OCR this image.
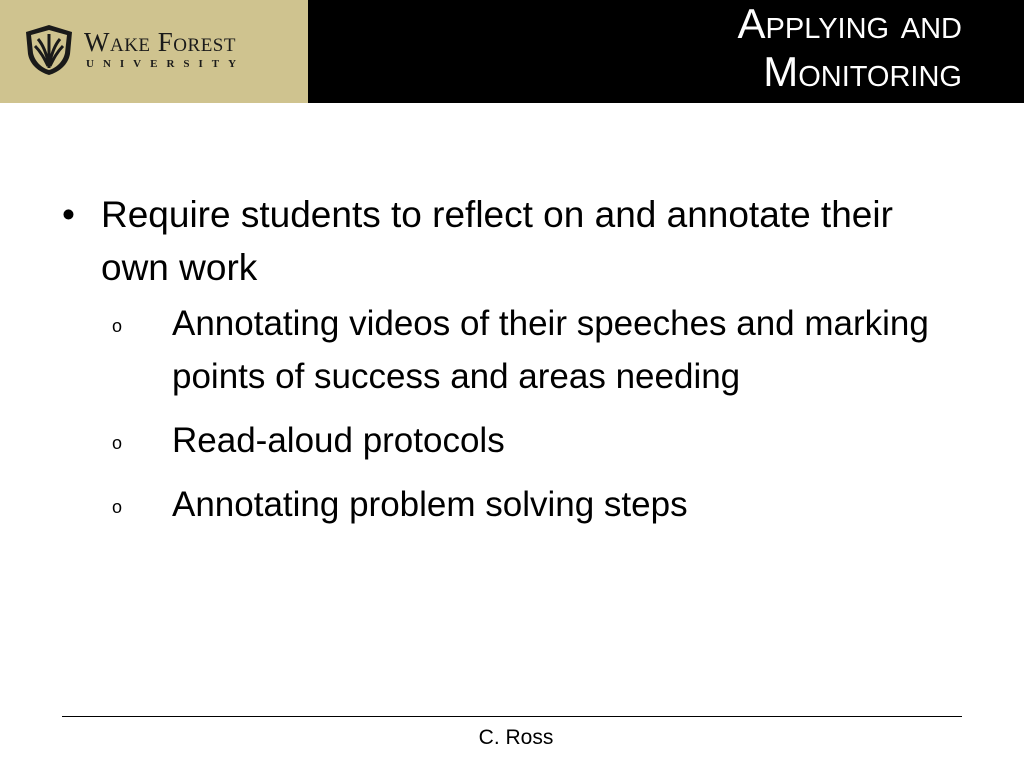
Wake Forest
UNIVERSITY
Applying and
Monitoring
• Require students to reflect on and annotate their own work
o Annotating videos of their speeches and marking points of success and areas needing
o Read-aloud protocols
o Annotating problem solving steps
C. Ross
